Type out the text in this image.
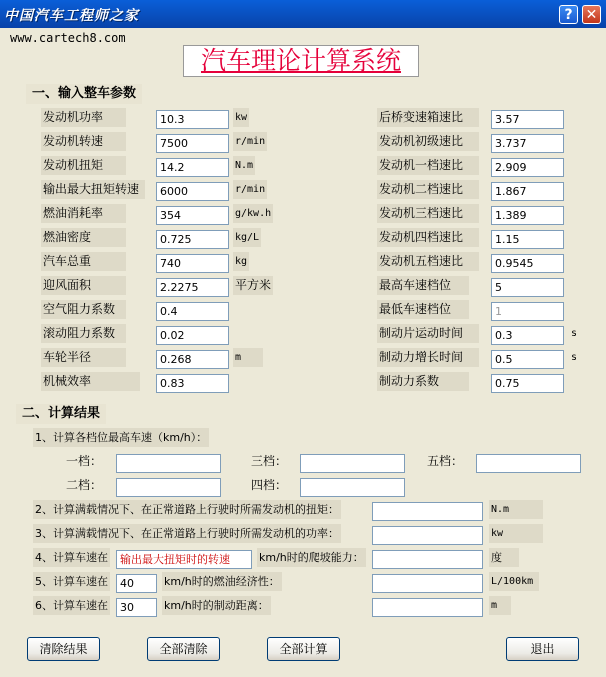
中国汽车工程师之家	? ✕
www.cartech8.com
汽车理论计算系统
一、输入整车参数
发动机功率	10.3	kw
发动机转速	7500	r/min
发动机扭矩	14.2	N.m
输出最大扭矩转速	6000	r/min
燃油消耗率	354	g/kw.h
燃油密度	0.725	kg/L
汽车总重	740	kg
迎风面积	2.2275	平方米
空气阻力系数	0.4
滚动阻力系数	0.02
车轮半径	0.268	m
机械效率	0.83
后桥变速箱速比	3.57
发动机初级速比	3.737
发动机一档速比	2.909
发动机二档速比	1.867
发动机三档速比	1.389
发动机四档速比	1.15
发动机五档速比	0.9545
最高车速档位	5
最低车速档位	1
制动片运动时间	0.3	s
制动力增长时间	0.5	s
制动力系数	0.75
二、计算结果
1、计算各档位最高车速（km/h）：
一档：
二档：
三档：
四档：
五档：
2、计算满载情况下、在正常道路上行驶时所需发动机的扭矩：	N.m
3、计算满载情况下、在正常道路上行驶时所需发动机的功率：	kw
4、计算车速在	输出最大扭矩时的转速	km/h时的爬坡能力：	度
5、计算车速在	40	km/h时的燃油经济性：	L/100km
6、计算车速在	30	km/h时的制动距离：	m
清除结果	全部清除	全部计算	退出
